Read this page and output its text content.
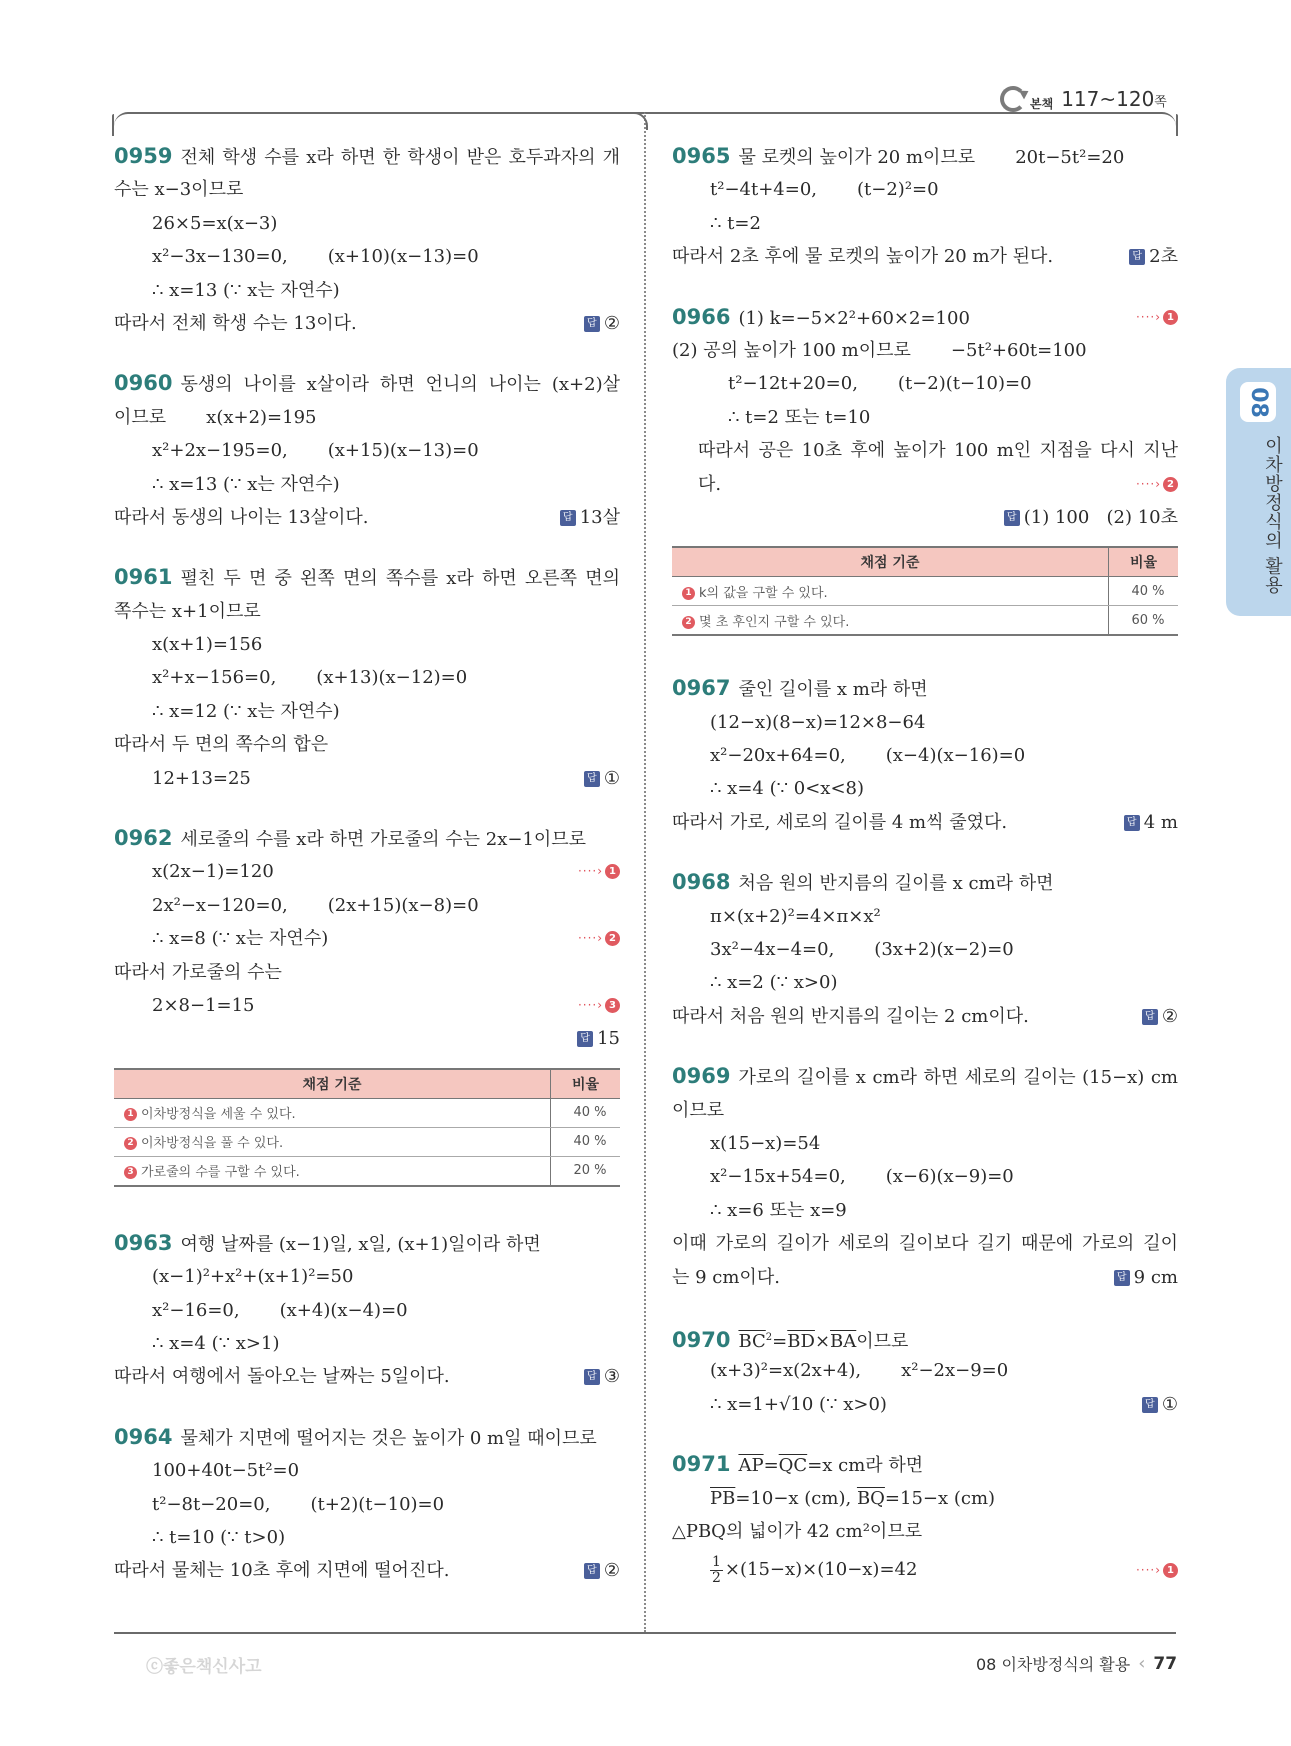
본책 117~120쪽
0959 전체 학생 수를 x라 하면 한 학생이 받은 호두과자의 개
수는 x−3이므로
26×5=x(x−3)
x²−3x−130=0, (x+10)(x−13)=0
∴ x=13 (∵ x는 자연수)
따라서 전체 학생 수는 13이다.	답 ②
0960 동생의 나이를 x살이라 하면 언니의 나이는 (x+2)살
이므로 x(x+2)=195
x²+2x−195=0, (x+15)(x−13)=0
∴ x=13 (∵ x는 자연수)
따라서 동생의 나이는 13살이다.	답 13살
0961 펼친 두 면 중 왼쪽 면의 쪽수를 x라 하면 오른쪽 면의
쪽수는 x+1이므로
x(x+1)=156
x²+x−156=0, (x+13)(x−12)=0
∴ x=12 (∵ x는 자연수)
따라서 두 면의 쪽수의 합은
12+13=25	답 ①
0962 세로줄의 수를 x라 하면 가로줄의 수는 2x−1이므로
x(2x−1)=120	····› 1
2x²−x−120=0, (2x+15)(x−8)=0
∴ x=8 (∵ x는 자연수)	····› 2
따라서 가로줄의 수는
2×8−1=15	····› 3
답 15
채점 기준	비율
1 이차방정식을 세울 수 있다.	40 %
2 이차방정식을 풀 수 있다.	40 %
3 가로줄의 수를 구할 수 있다.	20 %
0963 여행 날짜를 (x−1)일, x일, (x+1)일이라 하면
(x−1)²+x²+(x+1)²=50
x²−16=0, (x+4)(x−4)=0
∴ x=4 (∵ x>1)
따라서 여행에서 돌아오는 날짜는 5일이다.	답 ③
0964 물체가 지면에 떨어지는 것은 높이가 0 m일 때이므로
100+40t−5t²=0
t²−8t−20=0, (t+2)(t−10)=0
∴ t=10 (∵ t>0)
따라서 물체는 10초 후에 지면에 떨어진다.	답 ②
0965 물 로켓의 높이가 20 m이므로 20t−5t²=20
t²−4t+4=0, (t−2)²=0
∴ t=2
따라서 2초 후에 물 로켓의 높이가 20 m가 된다.	답 2초
0966 (1) k=−5×2²+60×2=100	····› 1
(2) 공의 높이가 100 m이므로 −5t²+60t=100
t²−12t+20=0, (t−2)(t−10)=0
∴ t=2 또는 t=10
따라서 공은 10초 후에 높이가 100 m인 지점을 다시 지난
다.	····› 2
답 (1) 100   (2) 10초
채점 기준	비율
1 k의 값을 구할 수 있다.	40 %
2 몇 초 후인지 구할 수 있다.	60 %
0967 줄인 길이를 x m라 하면
(12−x)(8−x)=12×8−64
x²−20x+64=0, (x−4)(x−16)=0
∴ x=4 (∵ 0<x<8)
따라서 가로, 세로의 길이를 4 m씩 줄였다.	답 4 m
0968 처음 원의 반지름의 길이를 x cm라 하면
π×(x+2)²=4×π×x²
3x²−4x−4=0, (3x+2)(x−2)=0
∴ x=2 (∵ x>0)
따라서 처음 원의 반지름의 길이는 2 cm이다.	답 ②
0969 가로의 길이를 x cm라 하면 세로의 길이는 (15−x) cm
이므로
x(15−x)=54
x²−15x+54=0, (x−6)(x−9)=0
∴ x=6 또는 x=9
이때 가로의 길이가 세로의 길이보다 길기 때문에 가로의 길이
는 9 cm이다.	답 9 cm
0970 $\overline{BC}^2=\overline{BD}\times\overline{BA}$이므로
(x+3)²=x(2x+4), x²−2x−9=0
∴ x=1+√10 (∵ x>0)	답 ①
0971 $\overline{AP}=\overline{QC}=x$ cm라 하면
$\overline{PB}=10-x$ (cm), $\overline{BQ}=15-x$ (cm)
△PBQ의 넓이가 42 cm²이므로
$\frac{1}{2} \times(15-x)\times(10-x)=42$	····› 1
08
이차방정식의 활용
ⓒ좋은책신사고	08 이차방정식의 활용 ‹ 77
